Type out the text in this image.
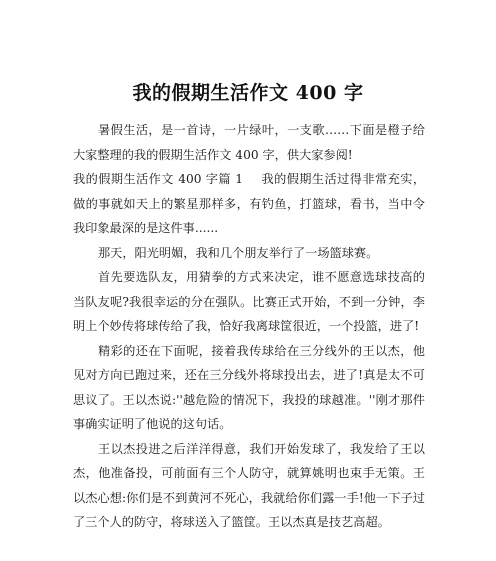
我的假期生活作文 400 字

暑假生活，是一首诗，一片绿叶，一支歌……下面是橙子给大家整理的我的假期生活作文 400 字，供大家参阅!

我的假期生活作文 400 字篇 1 我的假期生活过得非常充实，做的事就如天上的繁星那样多，有钓鱼，打篮球，看书，当中令我印象最深的是这件事......

那天，阳光明媚，我和几个朋友举行了一场篮球赛。

首先要选队友，用猜拳的方式来决定，谁不愿意选球技高的当队友呢?我很幸运的分在强队。比赛正式开始，不到一分钟，李明上个妙传将球传给了我，恰好我离球筐很近，一个投篮，进了!

精彩的还在下面呢，接着我传球给在三分线外的王以杰，他见对方向已跑过来，还在三分线外将球投出去，进了!真是太不可思议了。王以杰说:''越危险的情况下，我投的球越准。''刚才那件事确实证明了他说的这句话。

王以杰投进之后洋洋得意，我们开始发球了，我发给了王以杰，他准备投，可前面有三个人防守，就算姚明也束手无策。王以杰心想:你们是不到黄河不死心，我就给你们露一手!他一下子过了三个人的防守，将球送入了篮筐。王以杰真是技艺高超。
